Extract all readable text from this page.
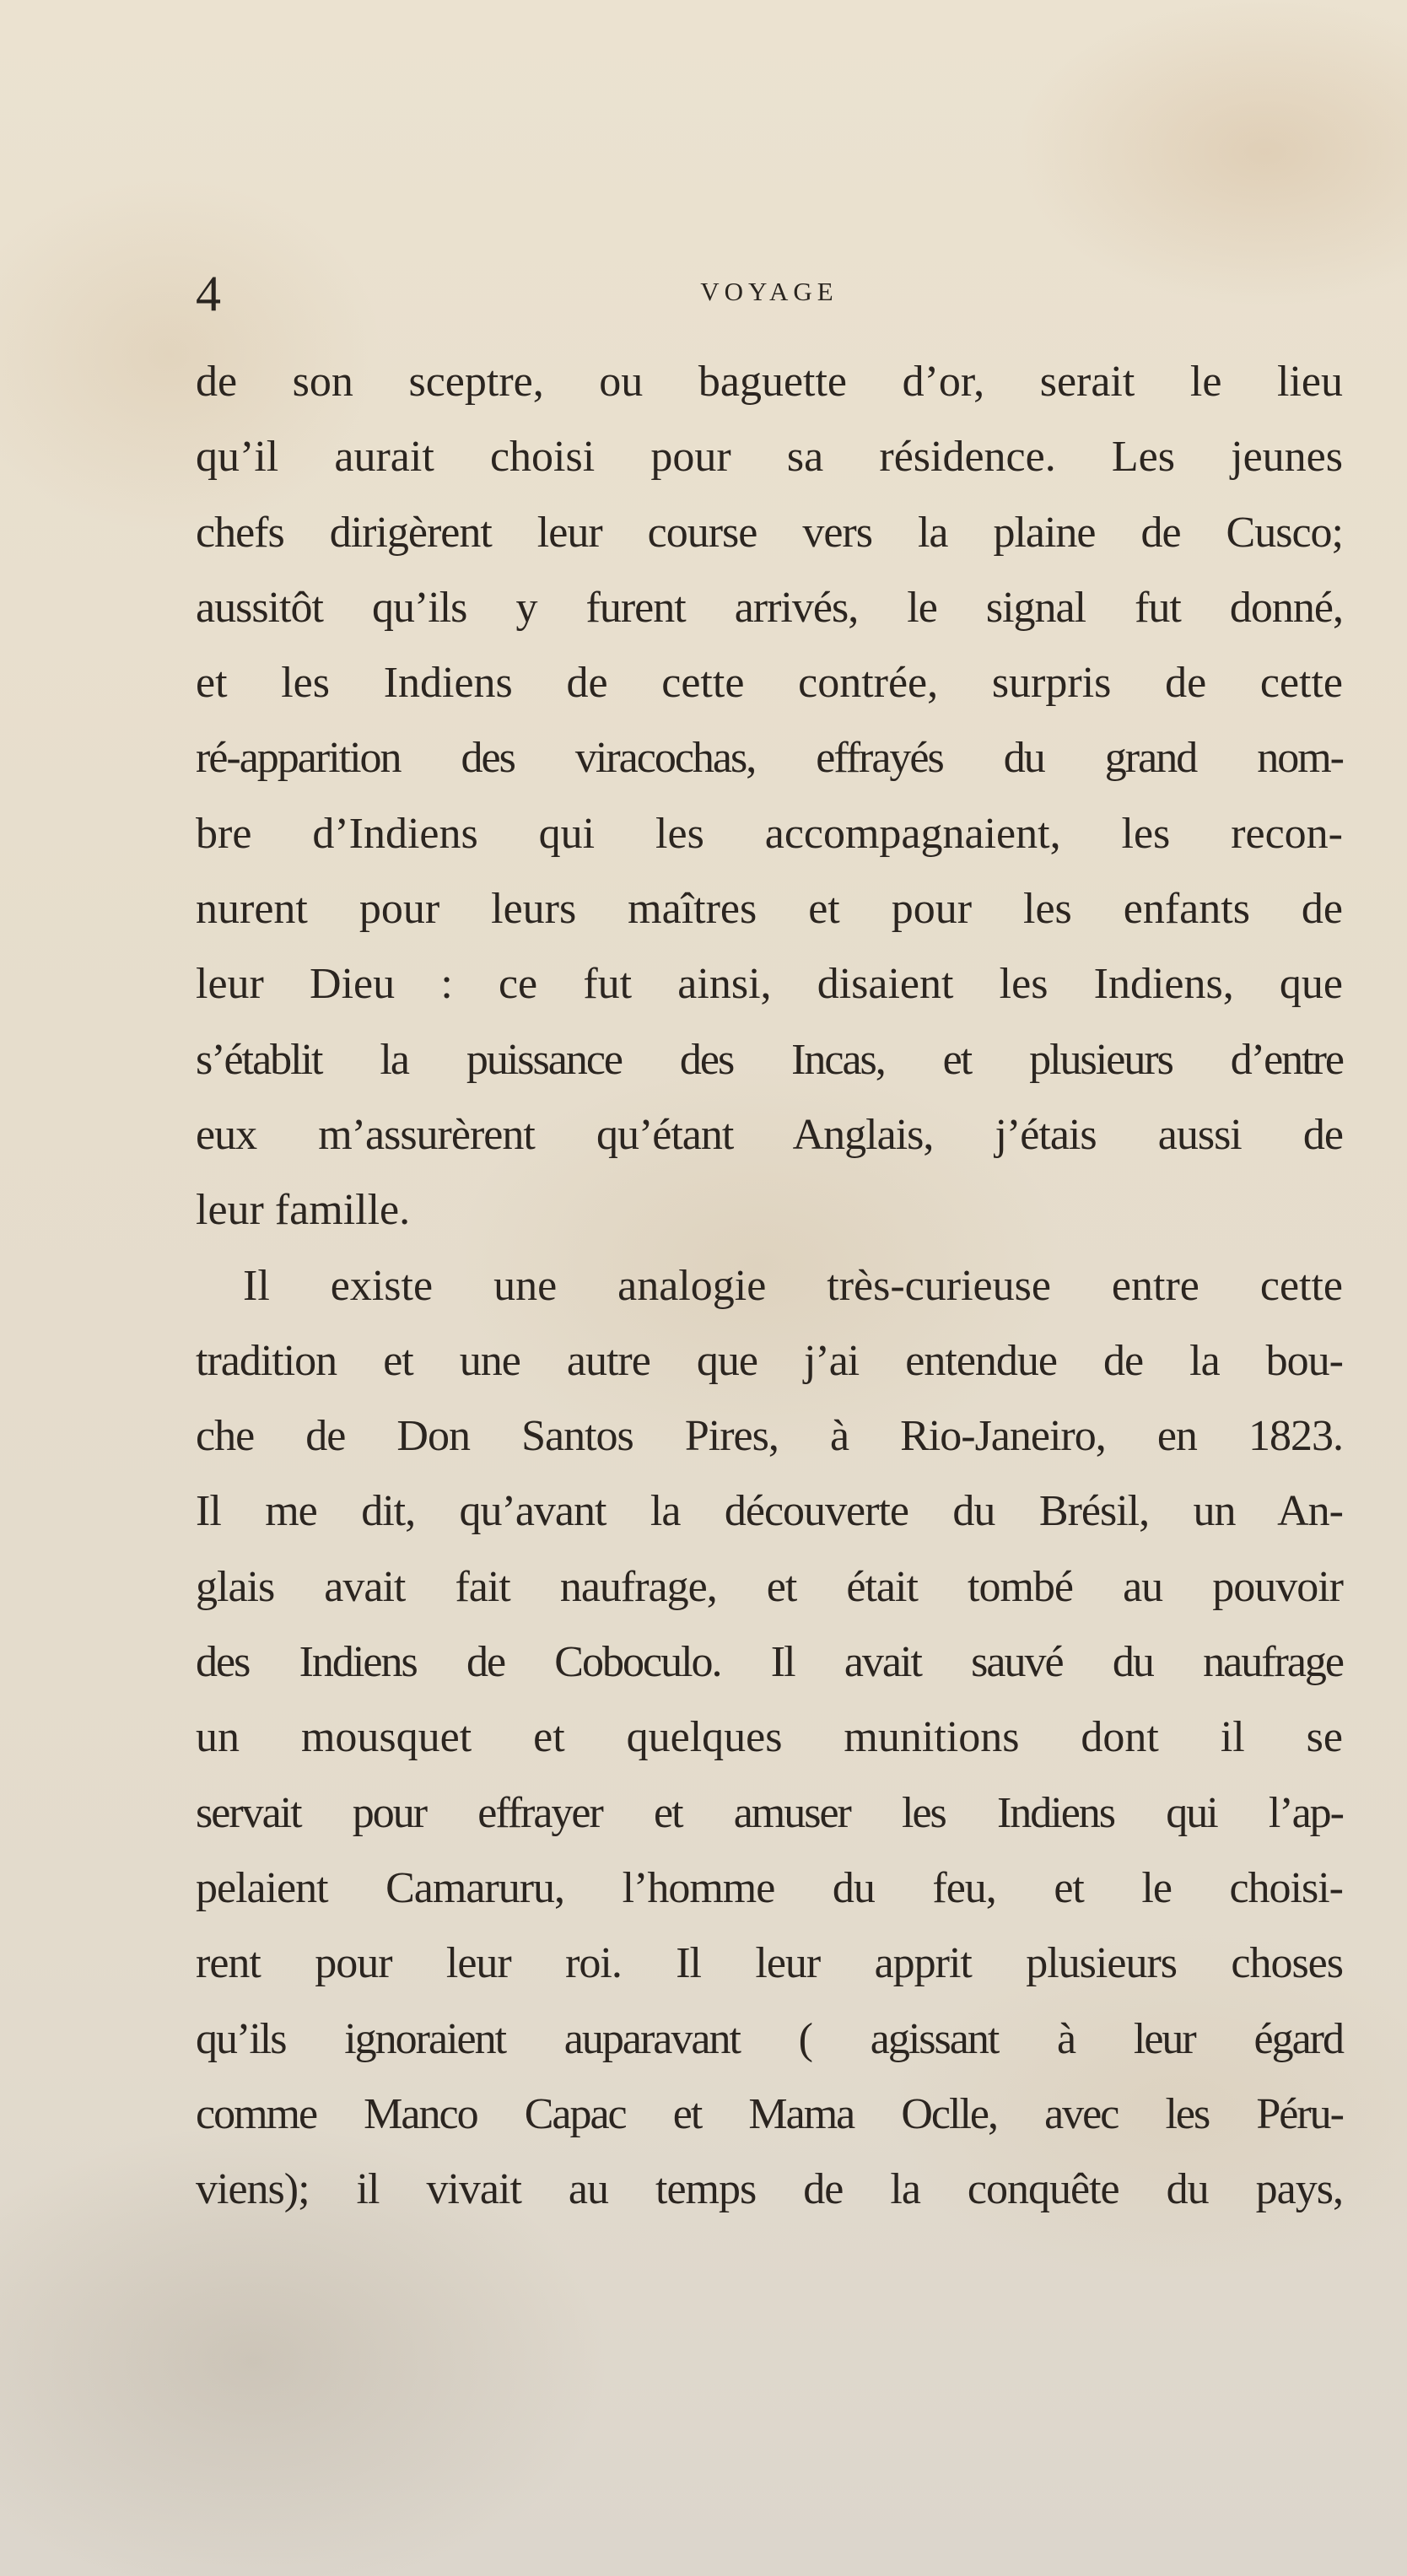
4	VOYAGE
de son sceptre, ou baguette d’or, serait le lieu
qu’il aurait choisi pour sa résidence. Les jeunes
chefs dirigèrent leur course vers la plaine de Cusco;
aussitôt qu’ils y furent arrivés, le signal fut donné,
et les Indiens de cette contrée, surpris de cette
ré-apparition des viracochas, effrayés du grand nom-
bre d’Indiens qui les accompagnaient, les recon-
nurent pour leurs maîtres et pour les enfants de
leur Dieu : ce fut ainsi, disaient les Indiens, que
s’établit la puissance des Incas, et plusieurs d’entre
eux m’assurèrent qu’étant Anglais, j’étais aussi de
leur famille.
Il existe une analogie très-curieuse entre cette
tradition et une autre que j’ai entendue de la bou-
che de Don Santos Pires, à Rio-Janeiro, en 1823.
Il me dit, qu’avant la découverte du Brésil, un An-
glais avait fait naufrage, et était tombé au pouvoir
des Indiens de Coboculo. Il avait sauvé du naufrage
un mousquet et quelques munitions dont il se
servait pour effrayer et amuser les Indiens qui l’ap-
pelaient Camaruru, l’homme du feu, et le choisi-
rent pour leur roi. Il leur apprit plusieurs choses
qu’ils ignoraient auparavant ( agissant à leur égard
comme Manco Capac et Mama Oclle, avec les Péru-
viens); il vivait au temps de la conquête du pays,
